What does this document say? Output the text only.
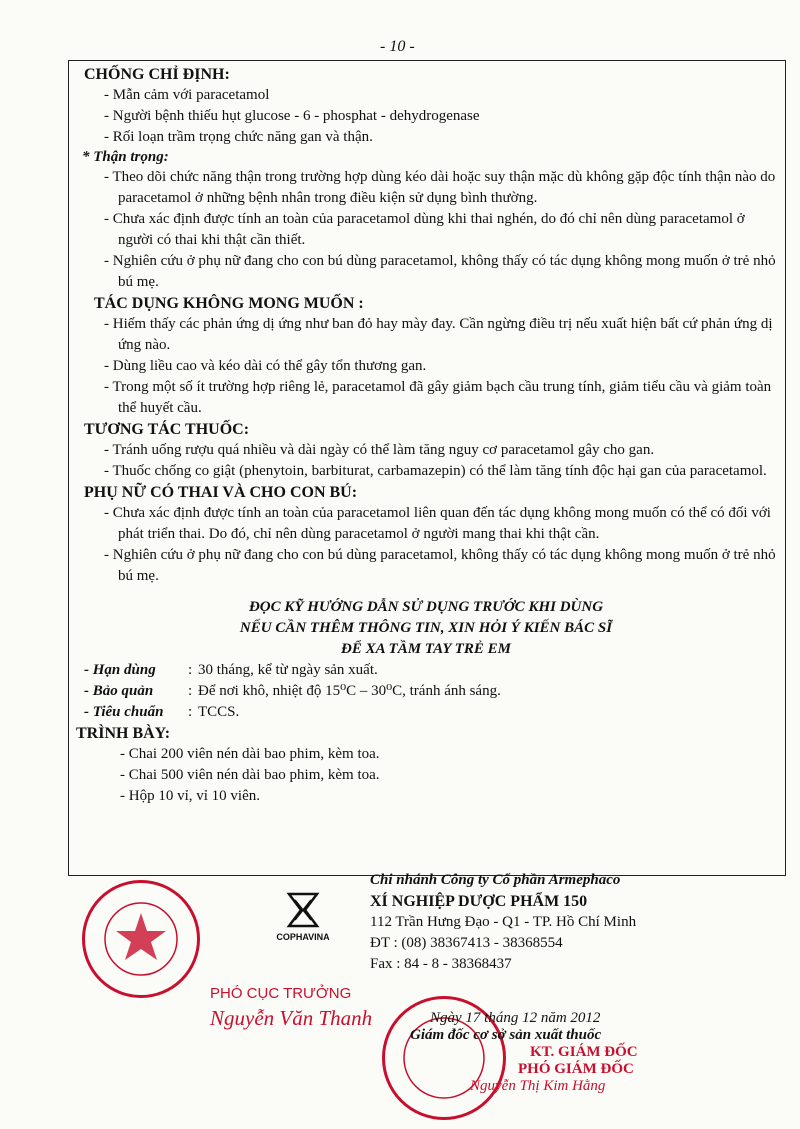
- 10 -
CHỐNG CHỈ ĐỊNH:
- Mẫn cảm với paracetamol
- Người bệnh thiếu hụt glucose - 6 - phosphat - dehydrogenase
- Rối loạn trầm trọng chức năng gan và thận.
* Thận trọng:
- Theo dõi chức năng thận trong trường hợp dùng kéo dài hoặc suy thận mặc dù không gặp độc tính thận nào do paracetamol ở những bệnh nhân trong điều kiện sử dụng bình thường.
- Chưa xác định được tính an toàn của paracetamol dùng khi thai nghén, do đó chỉ nên dùng paracetamol ở người có thai khi thật cần thiết.
- Nghiên cứu ở phụ nữ đang cho con bú dùng paracetamol, không thấy có tác dụng không mong muốn ở trẻ nhỏ bú mẹ.
TÁC DỤNG KHÔNG MONG MUỐN :
- Hiếm thấy các phản ứng dị ứng như ban đỏ hay mày đay. Cần ngừng điều trị nếu xuất hiện bất cứ phản ứng dị ứng nào.
- Dùng liều cao và kéo dài có thể gây tổn thương gan.
- Trong một số ít trường hợp riêng lẻ, paracetamol đã gây giảm bạch cầu trung tính, giảm tiểu cầu và giảm toàn thể huyết cầu.
TƯƠNG TÁC THUỐC:
- Tránh uống rượu quá nhiều và dài ngày có thể làm tăng nguy cơ paracetamol gây cho gan.
- Thuốc chống co giật (phenytoin, barbiturat, carbamazepin) có thể làm tăng tính độc hại gan của paracetamol.
PHỤ NỮ CÓ THAI VÀ CHO CON BÚ:
- Chưa xác định được tính an toàn của paracetamol liên quan đến tác dụng không mong muốn có thể có đối với phát triển thai. Do đó, chỉ nên dùng paracetamol ở người mang thai khi thật cần.
- Nghiên cứu ở phụ nữ đang cho con bú dùng paracetamol, không thấy có tác dụng không mong muốn ở trẻ nhỏ bú mẹ.
ĐỌC KỸ HƯỚNG DẪN SỬ DỤNG TRƯỚC KHI DÙNG
NẾU CẦN THÊM THÔNG TIN, XIN HỎI Ý KIẾN BÁC SĨ
ĐỂ XA TẦM TAY TRẺ EM
- Hạn dùng	: 30 tháng, kể từ ngày sản xuất.
- Bảo quản	: Để nơi khô, nhiệt độ 15⁰C – 30⁰C, tránh ánh sáng.
- Tiêu chuẩn	: TCCS.
TRÌNH BÀY:
- Chai 200 viên nén dài bao phim, kèm toa.
- Chai 500 viên nén dài bao phim, kèm toa.
- Hộp 10 vỉ, vỉ 10 viên.
COPHAVINA
Chi nhánh Công ty Cổ phần Armephaco
XÍ NGHIỆP DƯỢC PHẨM 150
112 Trần Hưng Đạo - Q1 - TP. Hồ Chí Minh
ĐT : (08) 38367413 - 38368554
Fax : 84 - 8 - 38368437
PHÓ CỤC TRƯỞNG
Nguyễn Văn Thanh	Ngày 17 tháng 12 năm 2012
Giám đốc cơ sở sản xuất thuốc
KT. GIÁM ĐỐC
PHÓ GIÁM ĐỐC
Nguyễn Thị Kim Hằng
